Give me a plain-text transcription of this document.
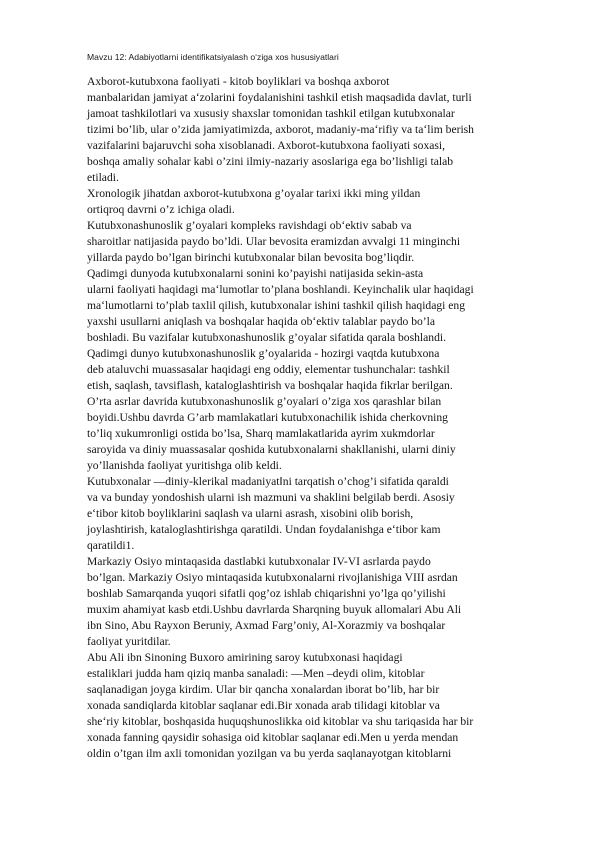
Mavzu 12: Adabiyotlarni identifikatsiyalash o‘ziga xos hususiyatlari
Axborot-kutubxona faoliyati - kitob boyliklari va boshqa axborot
manbalaridan jamiyat a‘zolarini foydalanishini tashkil etish maqsadida davlat, turli
jamoat tashkilotlari va xususiy shaxslar tomonidan tashkil etilgan kutubxonalar
tizimi bo’lib, ular o’zida jamiyatimizda, axborot, madaniy-ma‘rifiy va ta‘lim berish
vazifalarini bajaruvchi soha xisoblanadi. Axborot-kutubxona faoliyati soxasi,
boshqa amaliy sohalar kabi o’zini ilmiy-nazariy asoslariga ega bo’lishligi talab
etiladi.
Xronologik jihatdan axborot-kutubxona g’oyalar tarixi ikki ming yildan
ortiqroq davrni o’z ichiga oladi.
Kutubxonashunoslik g’oyalari kompleks ravishdagi ob‘ektiv sabab va
sharoitlar natijasida paydo bo’ldi. Ular bevosita eramizdan avvalgi 11 minginchi
yillarda paydo bo’lgan birinchi kutubxonalar bilan bevosita bog’liqdir.
Qadimgi dunyoda kutubxonalarni sonini ko’payishi natijasida sekin-asta
ularni faoliyati haqidagi ma‘lumotlar to’plana boshlandi. Keyinchalik ular haqidagi
ma‘lumotlarni to’plab taxlil qilish, kutubxonalar ishini tashkil qilish haqidagi eng
yaxshi usullarni aniqlash va boshqalar haqida ob‘ektiv talablar paydo bo’la
boshladi. Bu vazifalar kutubxonashunoslik g’oyalar sifatida qarala boshlandi.
Qadimgi dunyo kutubxonashunoslik g’oyalarida - hozirgi vaqtda kutubxona
deb ataluvchi muassasalar haqidagi eng oddiy, elementar tushunchalar: tashkil
etish, saqlash, tavsiflash, kataloglashtirish va boshqalar haqida fikrlar berilgan.
O’rta asrlar davrida kutubxonashunoslik g’oyalari o’ziga xos qarashlar bilan
boyidi.Ushbu davrda G’arb mamlakatlari kutubxonachilik ishida cherkovning
to’liq xukumronligi ostida bo’lsa, Sharq mamlakatlarida ayrim xukmdorlar
saroyida va diniy muassasalar qoshida kutubxonalarni shakllanishi, ularni diniy
yo’llanishda faoliyat yuritishga olib keldi.
Kutubxonalar ―diniy-klerikal madaniyat‖ni tarqatish o’chog’i sifatida qaraldi
va va bunday yondoshish ularni ish mazmuni va shaklini belgilab berdi. Asosiy
e‘tibor kitob boyliklarini saqlash va ularni asrash, xisobini olib borish,
joylashtirish, kataloglashtirishga qaratildi. Undan foydalanishga e‘tibor kam
qaratildi1.
Markaziy Osiyo mintaqasida dastlabki kutubxonalar IV-VI asrlarda paydo
bo’lgan. Markaziy Osiyo mintaqasida kutubxonalarni rivojlanishiga VIII asrdan
boshlab Samarqanda yuqori sifatli qog’oz ishlab chiqarishni yo’lga qo’yilishi
muxim ahamiyat kasb etdi.Ushbu davrlarda Sharqning buyuk allomalari Abu Ali
ibn Sino, Abu Rayxon Beruniy, Axmad Farg’oniy, Al-Xorazmiy va boshqalar
faoliyat yuritdilar.
Abu Ali ibn Sinoning Buxoro amirining saroy kutubxonasi haqidagi
estaliklari judda ham qiziq manba sanaladi: ―Men –deydi olim, kitoblar
saqlanadigan joyga kirdim. Ular bir qancha xonalardan iborat bo’lib, har bir
xonada sandiqlarda kitoblar saqlanar edi.Bir xonada arab tilidagi kitoblar va
she‘riy kitoblar, boshqasida huquqshunoslikka oid kitoblar va shu tariqasida har bir
xonada fanning qaysidir sohasiga oid kitoblar saqlanar edi.Men u yerda mendan
oldin o’tgan ilm axli tomonidan yozilgan va bu yerda saqlanayotgan kitoblarni
